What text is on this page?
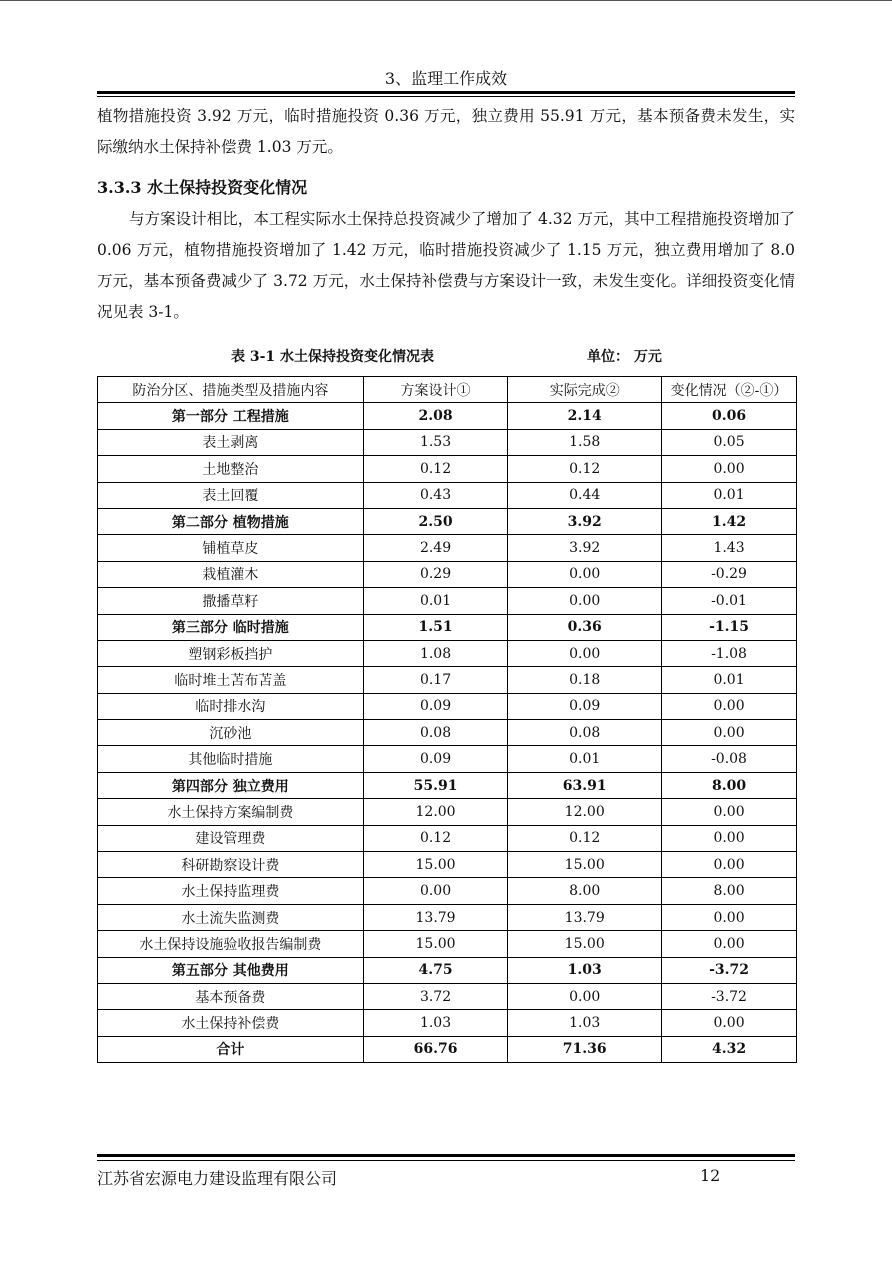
3、监理工作成效

植物措施投资 3.92 万元，临时措施投资 0.36 万元，独立费用 55.91 万元，基本预备费未发生，实际缴纳水土保持补偿费 1.03 万元。

3.3.3 水土保持投资变化情况

与方案设计相比，本工程实际水土保持总投资减少了增加了 4.32 万元，其中工程措施投资增加了 0.06 万元，植物措施投资增加了 1.42 万元，临时措施投资减少了 1.15 万元，独立费用增加了 8.0 万元，基本预备费减少了 3.72 万元，水土保持补偿费与方案设计一致，未发生变化。详细投资变化情况见表 3-1。

表 3-1 水土保持投资变化情况表	单位： 万元
防治分区、措施类型及措施内容	方案设计①	实际完成②	变化情况（②-①）
第一部分 工程措施	2.08	2.14	0.06
表土剥离	1.53	1.58	0.05
土地整治	0.12	0.12	0.00
表土回覆	0.43	0.44	0.01
第二部分 植物措施	2.50	3.92	1.42
铺植草皮	2.49	3.92	1.43
栽植灌木	0.29	0.00	-0.29
撒播草籽	0.01	0.00	-0.01
第三部分 临时措施	1.51	0.36	-1.15
塑钢彩板挡护	1.08	0.00	-1.08
临时堆土苫布苫盖	0.17	0.18	0.01
临时排水沟	0.09	0.09	0.00
沉砂池	0.08	0.08	0.00
其他临时措施	0.09	0.01	-0.08
第四部分 独立费用	55.91	63.91	8.00
水土保持方案编制费	12.00	12.00	0.00
建设管理费	0.12	0.12	0.00
科研勘察设计费	15.00	15.00	0.00
水土保持监理费	0.00	8.00	8.00
水土流失监测费	13.79	13.79	0.00
水土保持设施验收报告编制费	15.00	15.00	0.00
第五部分 其他费用	4.75	1.03	-3.72
基本预备费	3.72	0.00	-3.72
水土保持补偿费	1.03	1.03	0.00
合计	66.76	71.36	4.32
江苏省宏源电力建设监理有限公司	12
